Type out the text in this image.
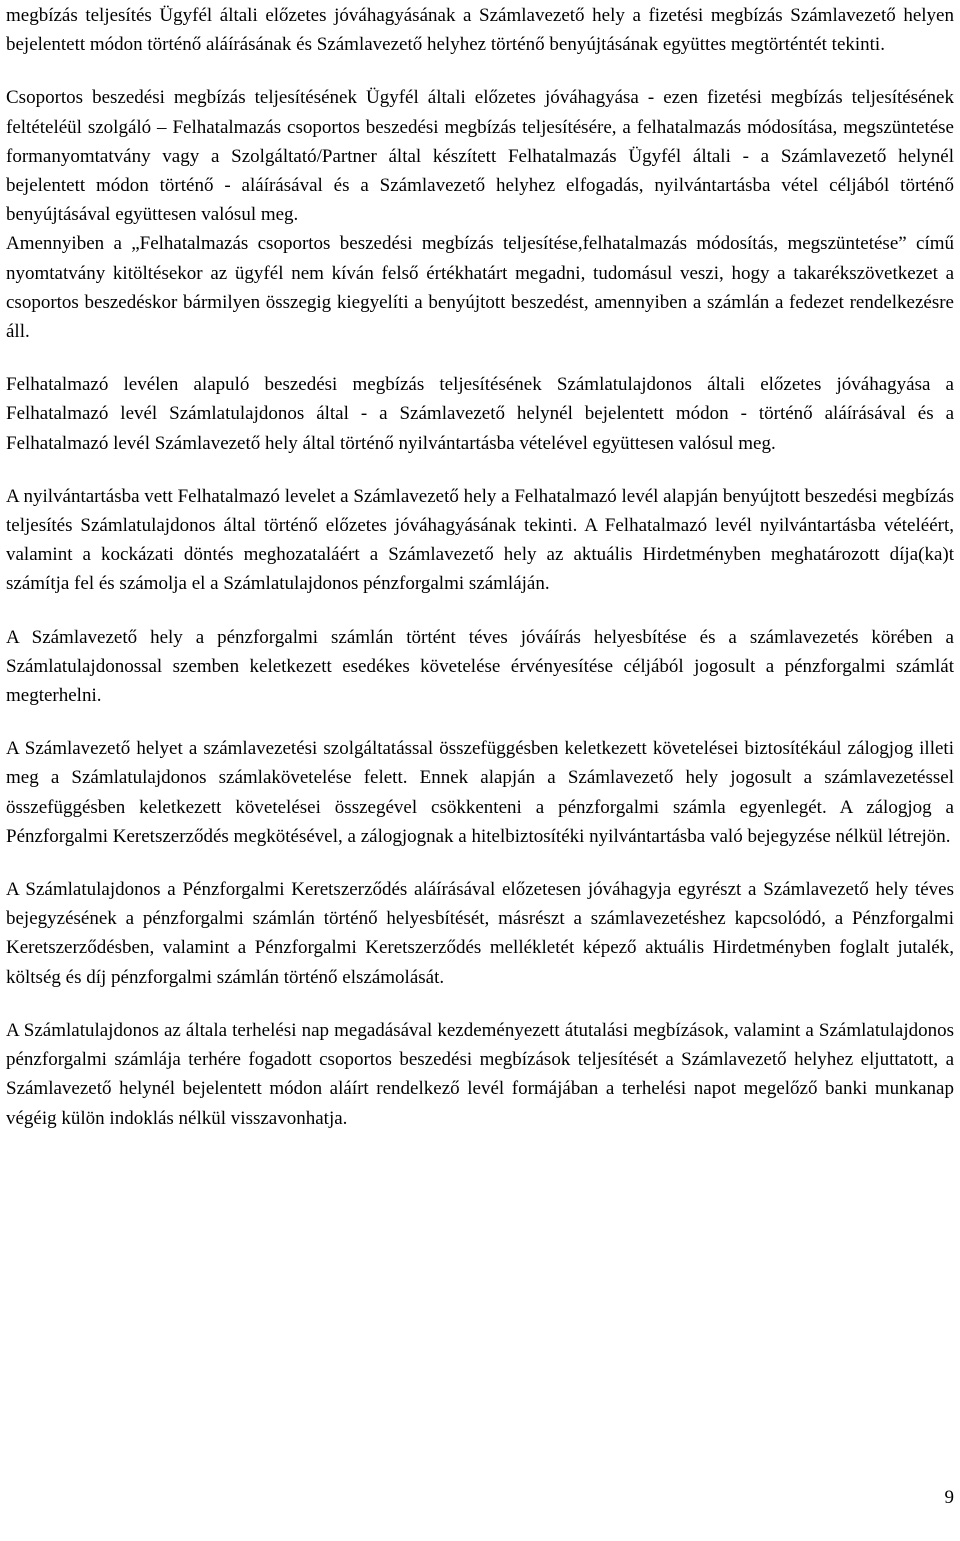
megbízás teljesítés Ügyfél általi előzetes jóváhagyásának a Számlavezető hely a fizetési megbízás Számlavezető helyen bejelentett módon történő aláírásának és Számlavezető helyhez történő benyújtásának együttes megtörténtét tekinti.

Csoportos beszedési megbízás teljesítésének Ügyfél általi előzetes jóváhagyása - ezen fizetési megbízás teljesítésének feltételéül szolgáló – Felhatalmazás csoportos beszedési megbízás teljesítésére, a felhatalmazás módosítása, megszüntetése formanyomtatvány vagy a Szolgáltató/Partner által készített Felhatalmazás Ügyfél általi - a Számlavezető helynél bejelentett módon történő - aláírásával és a Számlavezető helyhez elfogadás, nyilvántartásba vétel céljából történő benyújtásával együttesen valósul meg.

Amennyiben a „Felhatalmazás csoportos beszedési megbízás teljesítése,felhatalmazás módosítás, megszüntetése” című nyomtatvány kitöltésekor az ügyfél nem kíván felső értékhatárt megadni, tudomásul veszi, hogy a takarékszövetkezet a csoportos beszedéskor bármilyen összegig kiegyelíti a benyújtott beszedést, amennyiben a számlán a fedezet rendelkezésre áll.

Felhatalmazó levélen alapuló beszedési megbízás teljesítésének Számlatulajdonos általi előzetes jóváhagyása a Felhatalmazó levél Számlatulajdonos által - a Számlavezető helynél bejelentett módon - történő aláírásával és a Felhatalmazó levél Számlavezető hely által történő nyilvántartásba vételével együttesen valósul meg.

A nyilvántartásba vett Felhatalmazó levelet a Számlavezető hely a Felhatalmazó levél alapján benyújtott beszedési megbízás teljesítés Számlatulajdonos által történő előzetes jóváhagyásának tekinti. A Felhatalmazó levél nyilvántartásba vételéért, valamint a kockázati döntés meghozataláért a Számlavezető hely az aktuális Hirdetményben meghatározott díja(ka)t számítja fel és számolja el a Számlatulajdonos pénzforgalmi számláján.

A Számlavezető hely a pénzforgalmi számlán történt téves jóváírás helyesbítése és a számlavezetés körében a Számlatulajdonossal szemben keletkezett esedékes követelése érvényesítése céljából jogosult a pénzforgalmi számlát megterhelni.

A Számlavezető helyet a számlavezetési szolgáltatással összefüggésben keletkezett követelései biztosítékául zálogjog illeti meg a Számlatulajdonos számlakövetelése felett. Ennek alapján a Számlavezető hely jogosult a számlavezetéssel összefüggésben keletkezett követelései összegével csökkenteni a pénzforgalmi számla egyenlegét. A zálogjog a Pénzforgalmi Keretszerződés megkötésével, a zálogjognak a hitelbiztosítéki nyilvántartásba való bejegyzése nélkül létrejön.

A Számlatulajdonos a Pénzforgalmi Keretszerződés aláírásával előzetesen jóváhagyja egyrészt a Számlavezető hely téves bejegyzésének a pénzforgalmi számlán történő helyesbítését, másrészt a számlavezetéshez kapcsolódó, a Pénzforgalmi Keretszerződésben, valamint a Pénzforgalmi Keretszerződés mellékletét képező aktuális Hirdetményben foglalt jutalék, költség és díj pénzforgalmi számlán történő elszámolását.

A Számlatulajdonos az általa terhelési nap megadásával kezdeményezett átutalási megbízások, valamint a Számlatulajdonos pénzforgalmi számlája terhére fogadott csoportos beszedési megbízások teljesítését a Számlavezető helyhez eljuttatott, a Számlavezető helynél bejelentett módon aláírt rendelkező levél formájában a terhelési napot megelőző banki munkanap végéig külön indoklás nélkül visszavonhatja.

9
